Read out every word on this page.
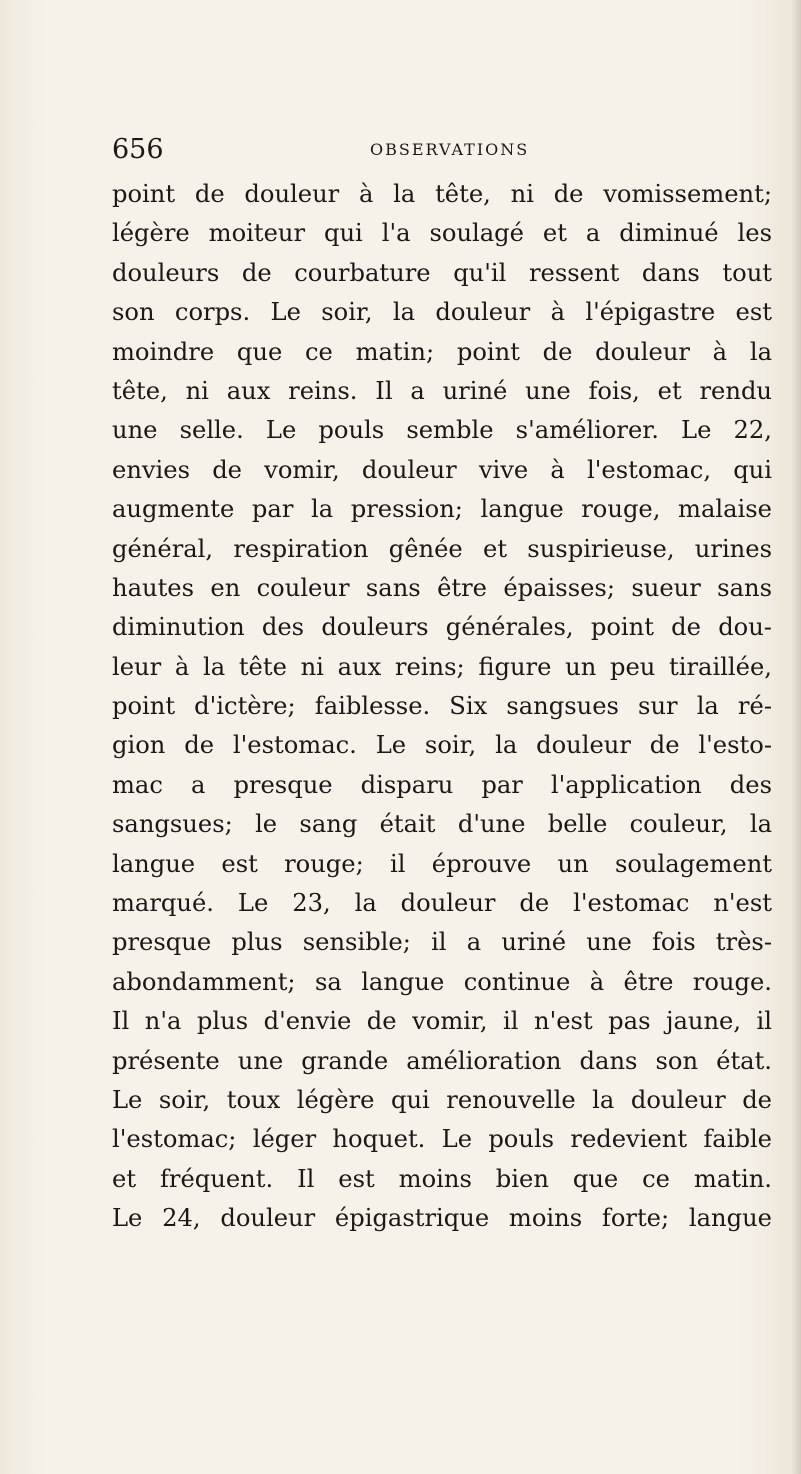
656	OBSERVATIONS
point de douleur à la tête, ni de vomissement;
légère moiteur qui l'a soulagé et a diminué les
douleurs de courbature qu'il ressent dans tout
son corps. Le soir, la douleur à l'épigastre est
moindre que ce matin; point de douleur à la
tête, ni aux reins. Il a uriné une fois, et rendu
une selle. Le pouls semble s'améliorer. Le 22,
envies de vomir, douleur vive à l'estomac, qui
augmente par la pression; langue rouge, malaise
général, respiration gênée et suspirieuse, urines
hautes en couleur sans être épaisses; sueur sans
diminution des douleurs générales, point de dou-
leur à la tête ni aux reins; figure un peu tiraillée,
point d'ictère; faiblesse. Six sangsues sur la ré-
gion de l'estomac. Le soir, la douleur de l'esto-
mac a presque disparu par l'application des
sangsues; le sang était d'une belle couleur, la
langue est rouge; il éprouve un soulagement
marqué. Le 23, la douleur de l'estomac n'est
presque plus sensible; il a uriné une fois très-
abondamment; sa langue continue à être rouge.
Il n'a plus d'envie de vomir, il n'est pas jaune, il
présente une grande amélioration dans son état.
Le soir, toux légère qui renouvelle la douleur de
l'estomac; léger hoquet. Le pouls redevient faible
et fréquent. Il est moins bien que ce matin.
Le 24, douleur épigastrique moins forte; langue
